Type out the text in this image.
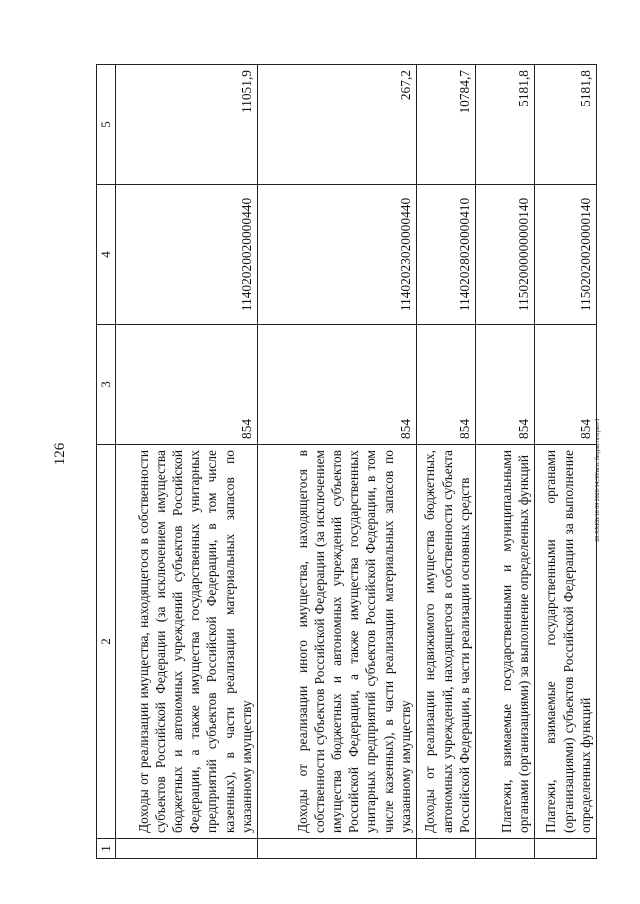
126
1	2	3	4	5
	Доходы от реализации имущества, находящегося в собственности субъектов Российской Федерации (за исключением имущества бюджетных и автономных учреждений субъектов Российской Федерации, а также имущества государственных унитарных предприятий субъектов Российской Федерации, в том числе казенных), в части реализации материальных запасов по указанному имуществу	854	11402020020000440	11051,9
	Доходы от реализации иного имущества, находящегося в собственности субъектов Российской Федерации (за исключением имущества бюджетных и автономных учреждений субъектов Российской Федерации, а также имущества государственных унитарных предприятий субъектов Российской Федерации, в том числе казенных), в части реализации материальных запасов по указанному имуществу	854	11402023020000440	267,2
	Доходы от реализации недвижимого имущества бюджетных, автономных учреждений, находящегося в собственности субъекта Российской Федерации, в части реализации основных средств	854	11402028020000410	10784,7
	Платежи, взимаемые государственными и муниципальными органами (организациями) за выполнение определенных функций	854	11502000000000140	5181,8
	Платежи, взимаемые государственными органами (организациями) субъектов Российской Федерации за выполнение определенных функций	854	11502020020000140	5181,8
20.XXEB/18 09 2020/14:30/исп. бюджета-прил-1
